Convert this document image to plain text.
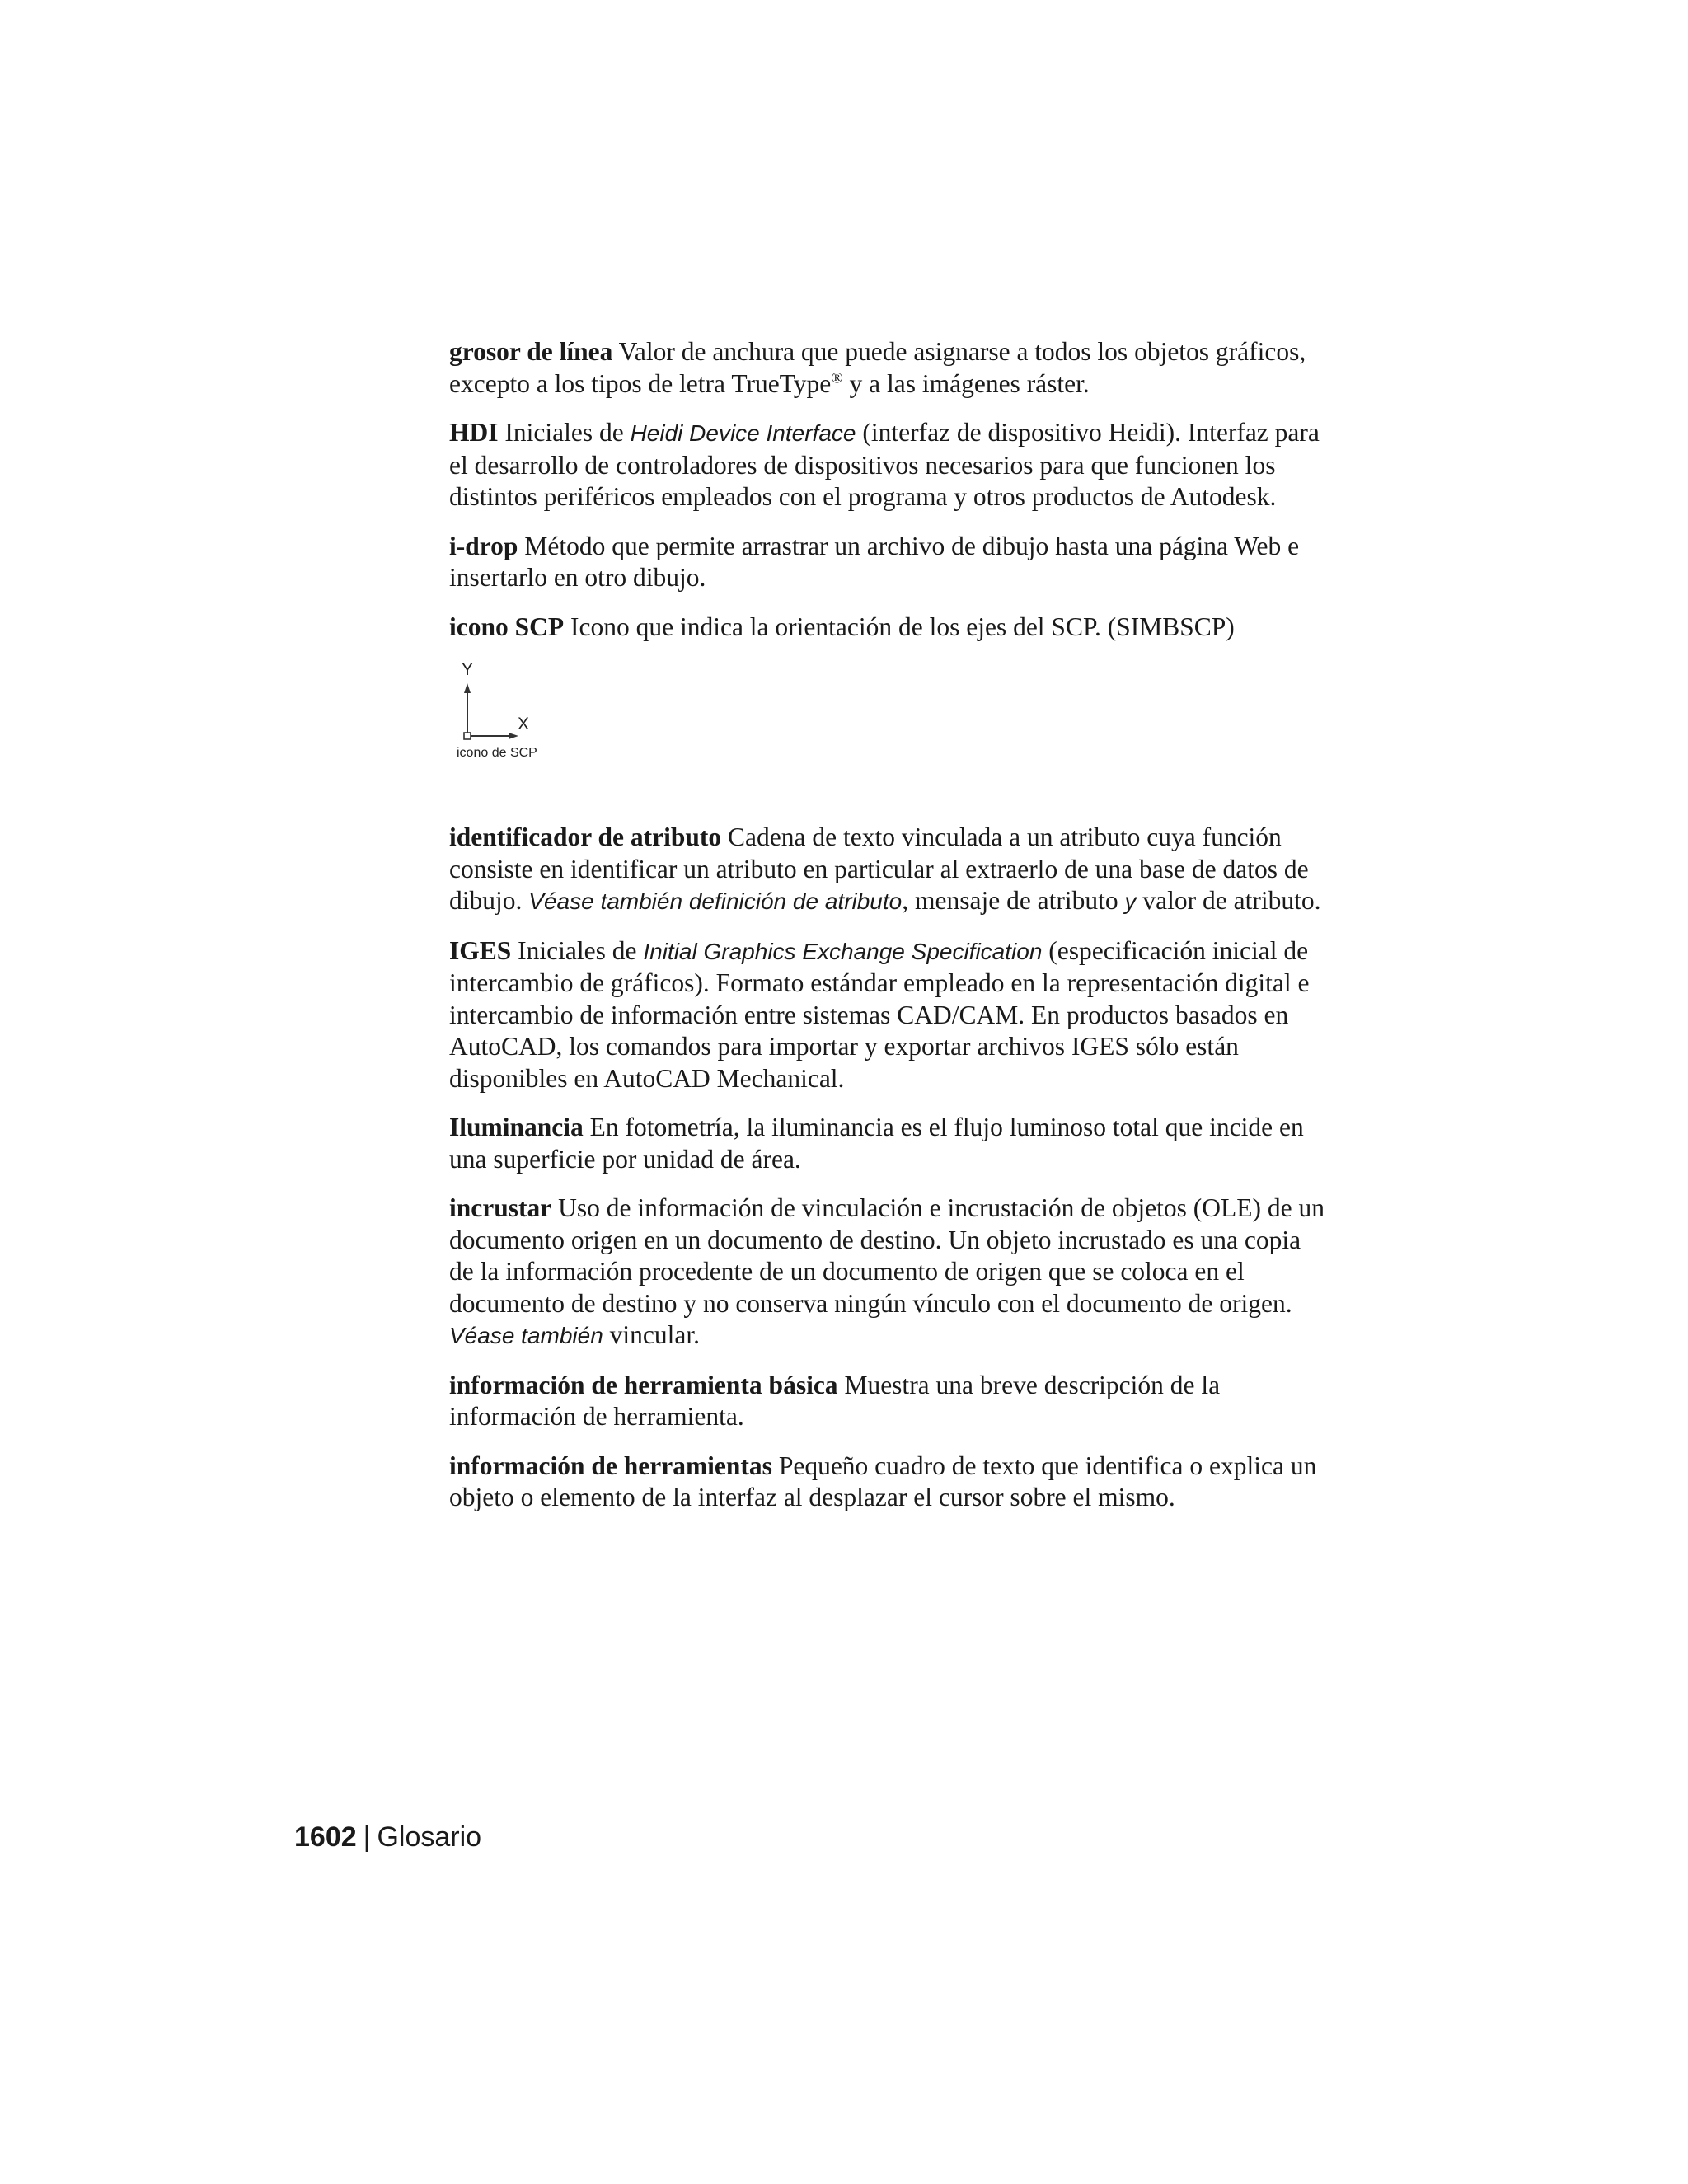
grosor de línea Valor de anchura que puede asignarse a todos los objetos gráficos, excepto a los tipos de letra TrueType® y a las imágenes ráster.

HDI Iniciales de Heidi Device Interface (interfaz de dispositivo Heidi). Interfaz para el desarrollo de controladores de dispositivos necesarios para que funcionen los distintos periféricos empleados con el programa y otros productos de Autodesk.

i-drop Método que permite arrastrar un archivo de dibujo hasta una página Web e insertarlo en otro dibujo.

icono SCP Icono que indica la orientación de los ejes del SCP. (SIMBSCP)

Y
X
icono de SCP

identificador de atributo Cadena de texto vinculada a un atributo cuya función consiste en identificar un atributo en particular al extraerlo de una base de datos de dibujo. Véase también definición de atributo, mensaje de atributo y valor de atributo.

IGES Iniciales de Initial Graphics Exchange Specification (especificación inicial de intercambio de gráficos). Formato estándar empleado en la representación digital e intercambio de información entre sistemas CAD/CAM. En productos basados en AutoCAD, los comandos para importar y exportar archivos IGES sólo están disponibles en AutoCAD Mechanical.

Iluminancia En fotometría, la iluminancia es el flujo luminoso total que incide en una superficie por unidad de área.

incrustar Uso de información de vinculación e incrustación de objetos (OLE) de un documento origen en un documento de destino. Un objeto incrustado es una copia de la información procedente de un documento de origen que se coloca en el documento de destino y no conserva ningún vínculo con el documento de origen. Véase también vincular.

información de herramienta básica Muestra una breve descripción de la información de herramienta.

información de herramientas Pequeño cuadro de texto que identifica o explica un objeto o elemento de la interfaz al desplazar el cursor sobre el mismo.

1602 | Glosario
